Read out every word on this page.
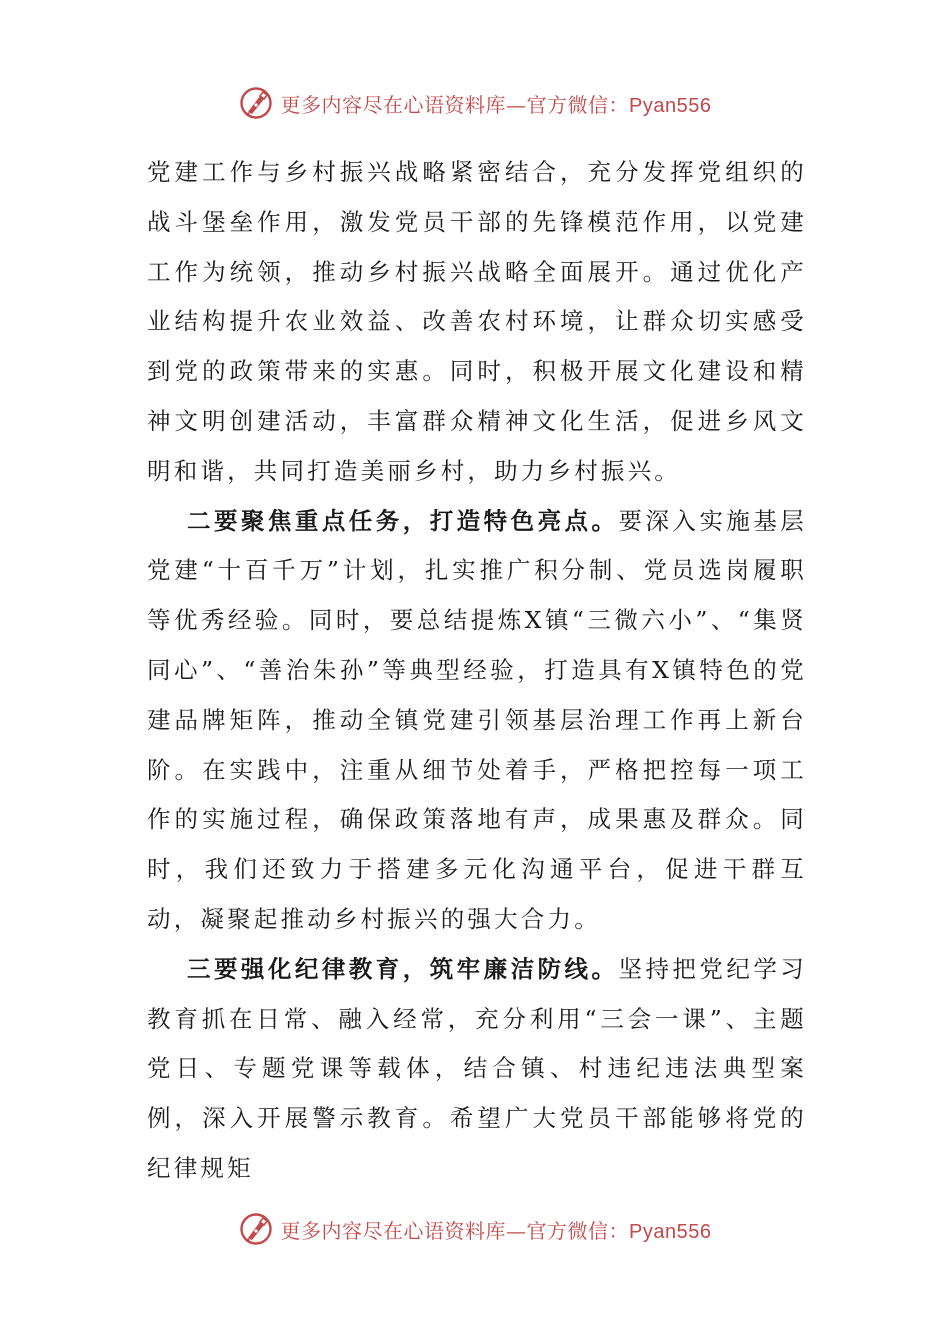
更多内容尽在心语资料库—官方微信：Pyan556

党建工作与乡村振兴战略紧密结合，充分发挥党组织的战斗堡垒作用，激发党员干部的先锋模范作用，以党建工作为统领，推动乡村振兴战略全面展开。通过优化产业结构提升农业效益、改善农村环境，让群众切实感受到党的政策带来的实惠。同时，积极开展文化建设和精神文明创建活动，丰富群众精神文化生活，促进乡风文明和谐，共同打造美丽乡村，助力乡村振兴。

二要聚焦重点任务，打造特色亮点。要深入实施基层党建“十百千万”计划，扎实推广积分制、党员选岗履职等优秀经验。同时，要总结提炼X镇“三微六小”、“集贤同心”、“善治朱孙”等典型经验，打造具有X镇特色的党建品牌矩阵，推动全镇党建引领基层治理工作再上新台阶。在实践中，注重从细节处着手，严格把控每一项工作的实施过程，确保政策落地有声，成果惠及群众。同时，我们还致力于搭建多元化沟通平台，促进干群互动，凝聚起推动乡村振兴的强大合力。

三要强化纪律教育，筑牢廉洁防线。坚持把党纪学习教育抓在日常、融入经常，充分利用“三会一课”、主题党日、专题党课等载体，结合镇、村违纪违法典型案例，深入开展警示教育。希望广大党员干部能够将党的纪律规矩

更多内容尽在心语资料库—官方微信：Pyan556
